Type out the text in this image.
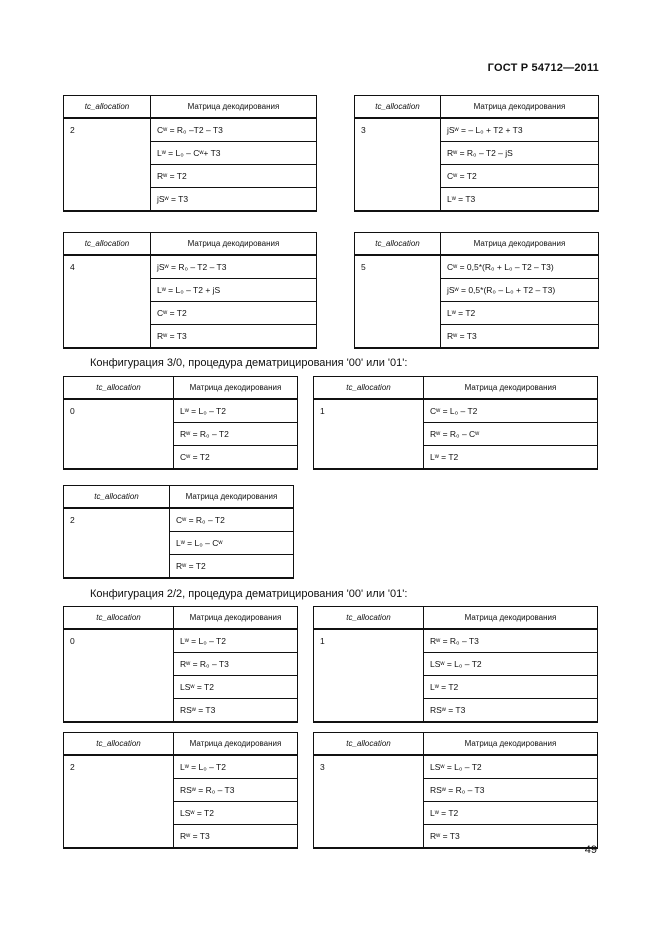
ГОСТ Р 54712—2011
tc_allocation	Матрица декодирования
2	Cʷ = R₀ –T2 – T3
	Lʷ = L₀ – Cʷ+ T3
	Rʷ = T2
	jSʷ = T3
tc_allocation	Матрица декодирования
3	jSʷ = – L₀ + T2 + T3
	Rʷ = R₀ – T2 – jS
	Cʷ = T2
	Lʷ = T3
tc_allocation	Матрица декодирования
4	jSʷ = R₀ – T2 – T3
	Lʷ = L₀ – T2 + jS
	Cʷ = T2
	Rʷ = T3
tc_allocation	Матрица декодирования
5	Cʷ = 0,5*(R₀ + L₀ – T2 – T3)
	jSʷ = 0,5*(R₀ – L₀ + T2 – T3)
	Lʷ = T2
	Rʷ = T3
Конфигурация 3/0, процедура дематрицирования '00' или '01':
tc_allocation	Матрица декодирования
0	Lʷ = L₀ – T2
	Rʷ = R₀ – T2
	Cʷ = T2
tc_allocation	Матрица декодирования
1	Cʷ = L₀ – T2
	Rʷ = R₀ – Cʷ
	Lʷ = T2
tc_allocation	Матрица декодирования
2	Cʷ = R₀ – T2
	Lʷ = L₀ – Cʷ
	Rʷ = T2
Конфигурация 2/2, процедура дематрицирования '00' или '01':
tc_allocation	Матрица декодирования
0	Lʷ = L₀ – T2
	Rʷ = R₀ – T3
	LSʷ = T2
	RSʷ = T3
tc_allocation	Матрица декодирования
1	Rʷ = R₀ – T3
	LSʷ = L₀ – T2
	Lʷ = T2
	RSʷ = T3
tc_allocation	Матрица декодирования
2	Lʷ = L₀ – T2
	RSʷ = R₀ – T3
	LSʷ = T2
	Rʷ = T3
tc_allocation	Матрица декодирования
3	LSʷ = L₀ – T2
	RSʷ = R₀ – T3
	Lʷ = T2
	Rʷ = T3
49
